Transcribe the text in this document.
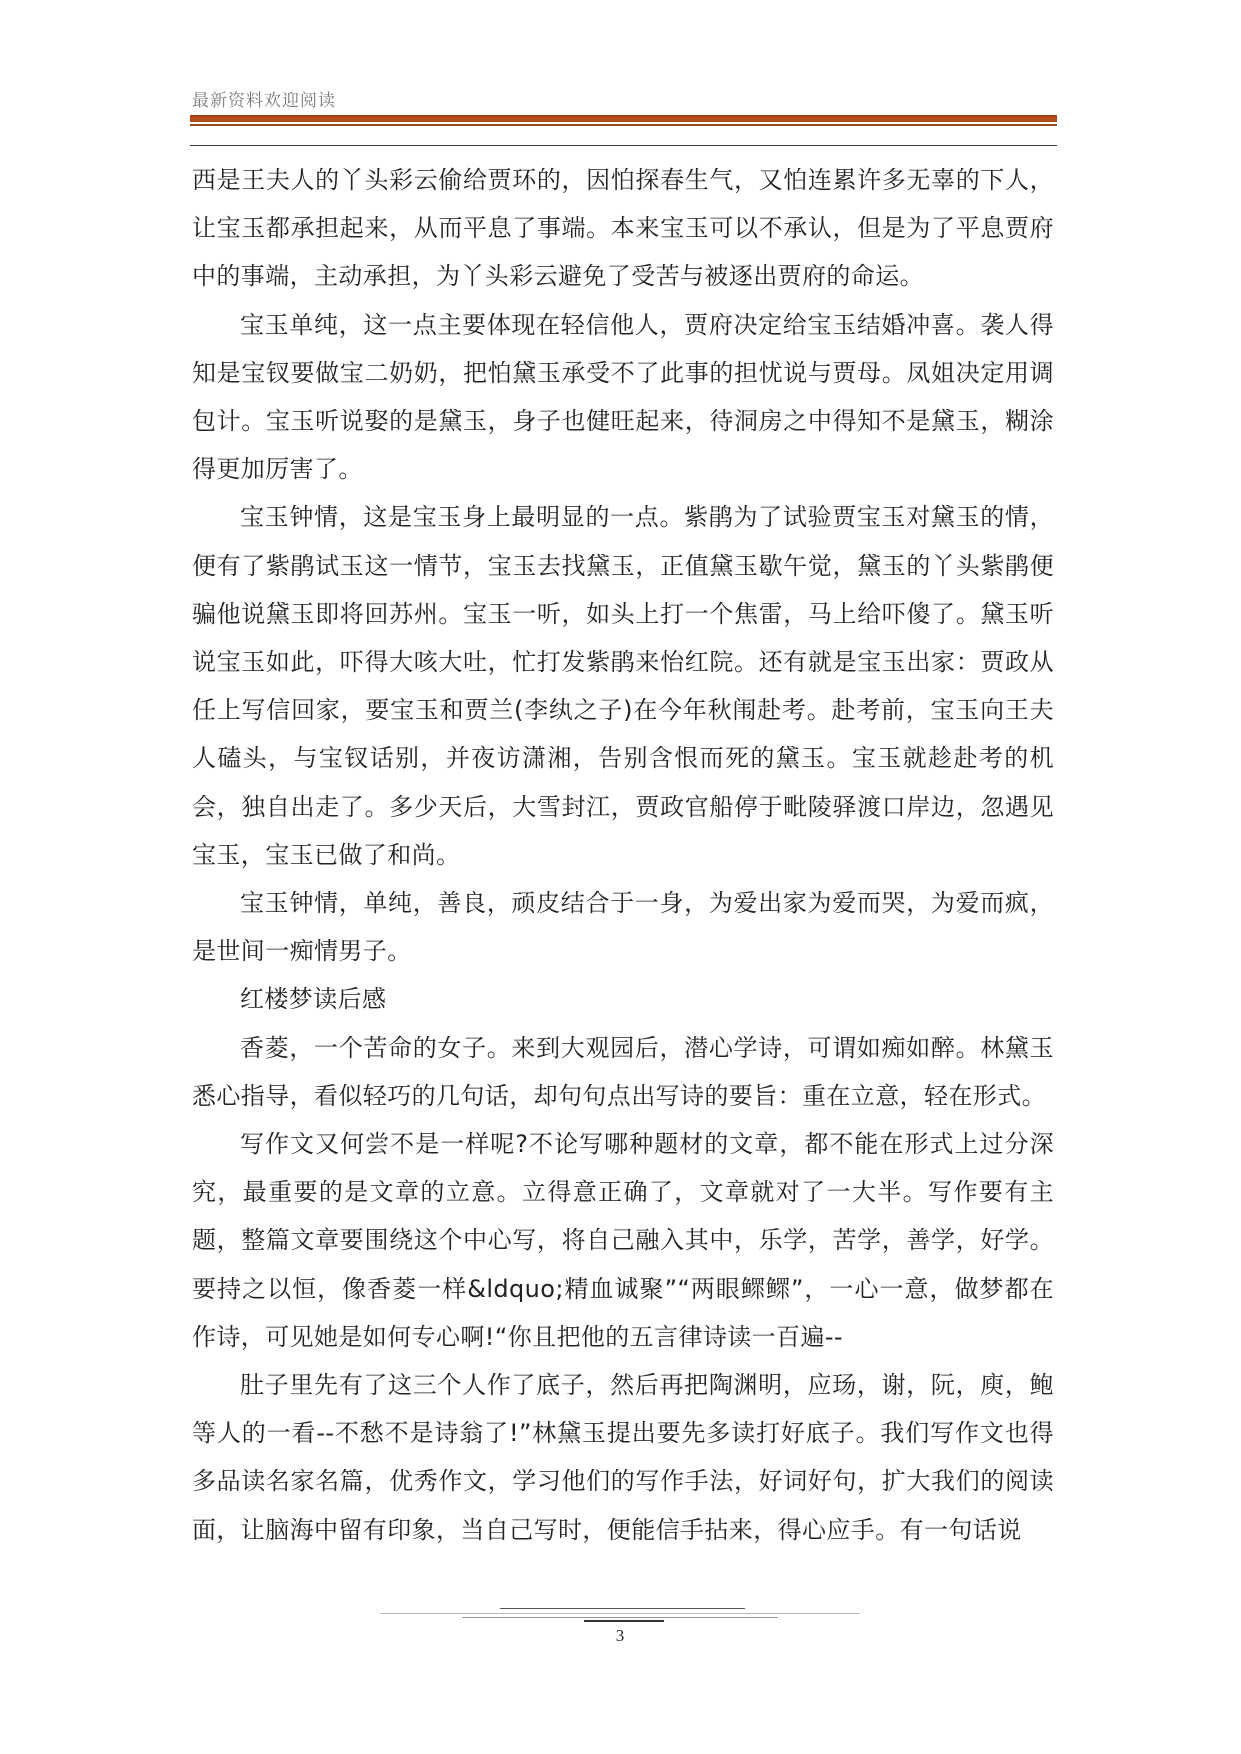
最新资料欢迎阅读

西是王夫人的丫头彩云偷给贾环的，因怕探春生气，又怕连累许多无辜的下人，让宝玉都承担起来，从而平息了事端。本来宝玉可以不承认，但是为了平息贾府中的事端，主动承担，为丫头彩云避免了受苦与被逐出贾府的命运。

宝玉单纯，这一点主要体现在轻信他人，贾府决定给宝玉结婚冲喜。袭人得知是宝钗要做宝二奶奶，把怕黛玉承受不了此事的担忧说与贾母。凤姐决定用调包计。宝玉听说娶的是黛玉，身子也健旺起来，待洞房之中得知不是黛玉，糊涂得更加厉害了。

宝玉钟情，这是宝玉身上最明显的一点。紫鹃为了试验贾宝玉对黛玉的情，便有了紫鹃试玉这一情节，宝玉去找黛玉，正值黛玉歇午觉，黛玉的丫头紫鹃便骗他说黛玉即将回苏州。宝玉一听，如头上打一个焦雷，马上给吓傻了。黛玉听说宝玉如此，吓得大咳大吐，忙打发紫鹃来怡红院。还有就是宝玉出家：贾政从任上写信回家，要宝玉和贾兰(李纨之子)在今年秋闱赴考。赴考前，宝玉向王夫人磕头，与宝钗话别，并夜访潇湘，告别含恨而死的黛玉。宝玉就趁赴考的机会，独自出走了。多少天后，大雪封江，贾政官船停于毗陵驿渡口岸边，忽遇见宝玉，宝玉已做了和尚。

宝玉钟情，单纯，善良，顽皮结合于一身，为爱出家为爱而哭，为爱而疯，是世间一痴情男子。

红楼梦读后感

香菱，一个苦命的女子。来到大观园后，潜心学诗，可谓如痴如醉。林黛玉悉心指导，看似轻巧的几句话，却句句点出写诗的要旨：重在立意，轻在形式。

写作文又何尝不是一样呢?不论写哪种题材的文章，都不能在形式上过分深究，最重要的是文章的立意。立得意正确了，文章就对了一大半。写作要有主题，整篇文章要围绕这个中心写，将自己融入其中，乐学，苦学，善学，好学。要持之以恒，像香菱一样&ldquo;精血诚聚”“两眼鳏鳏”，一心一意，做梦都在作诗，可见她是如何专心啊!“你且把他的五言律诗读一百遍--

肚子里先有了这三个人作了底子，然后再把陶渊明，应玚，谢，阮，庾，鲍等人的一看--不愁不是诗翁了!”林黛玉提出要先多读打好底子。我们写作文也得多品读名家名篇，优秀作文，学习他们的写作手法，好词好句，扩大我们的阅读面，让脑海中留有印象，当自己写时，便能信手拈来，得心应手。有一句话说

3
